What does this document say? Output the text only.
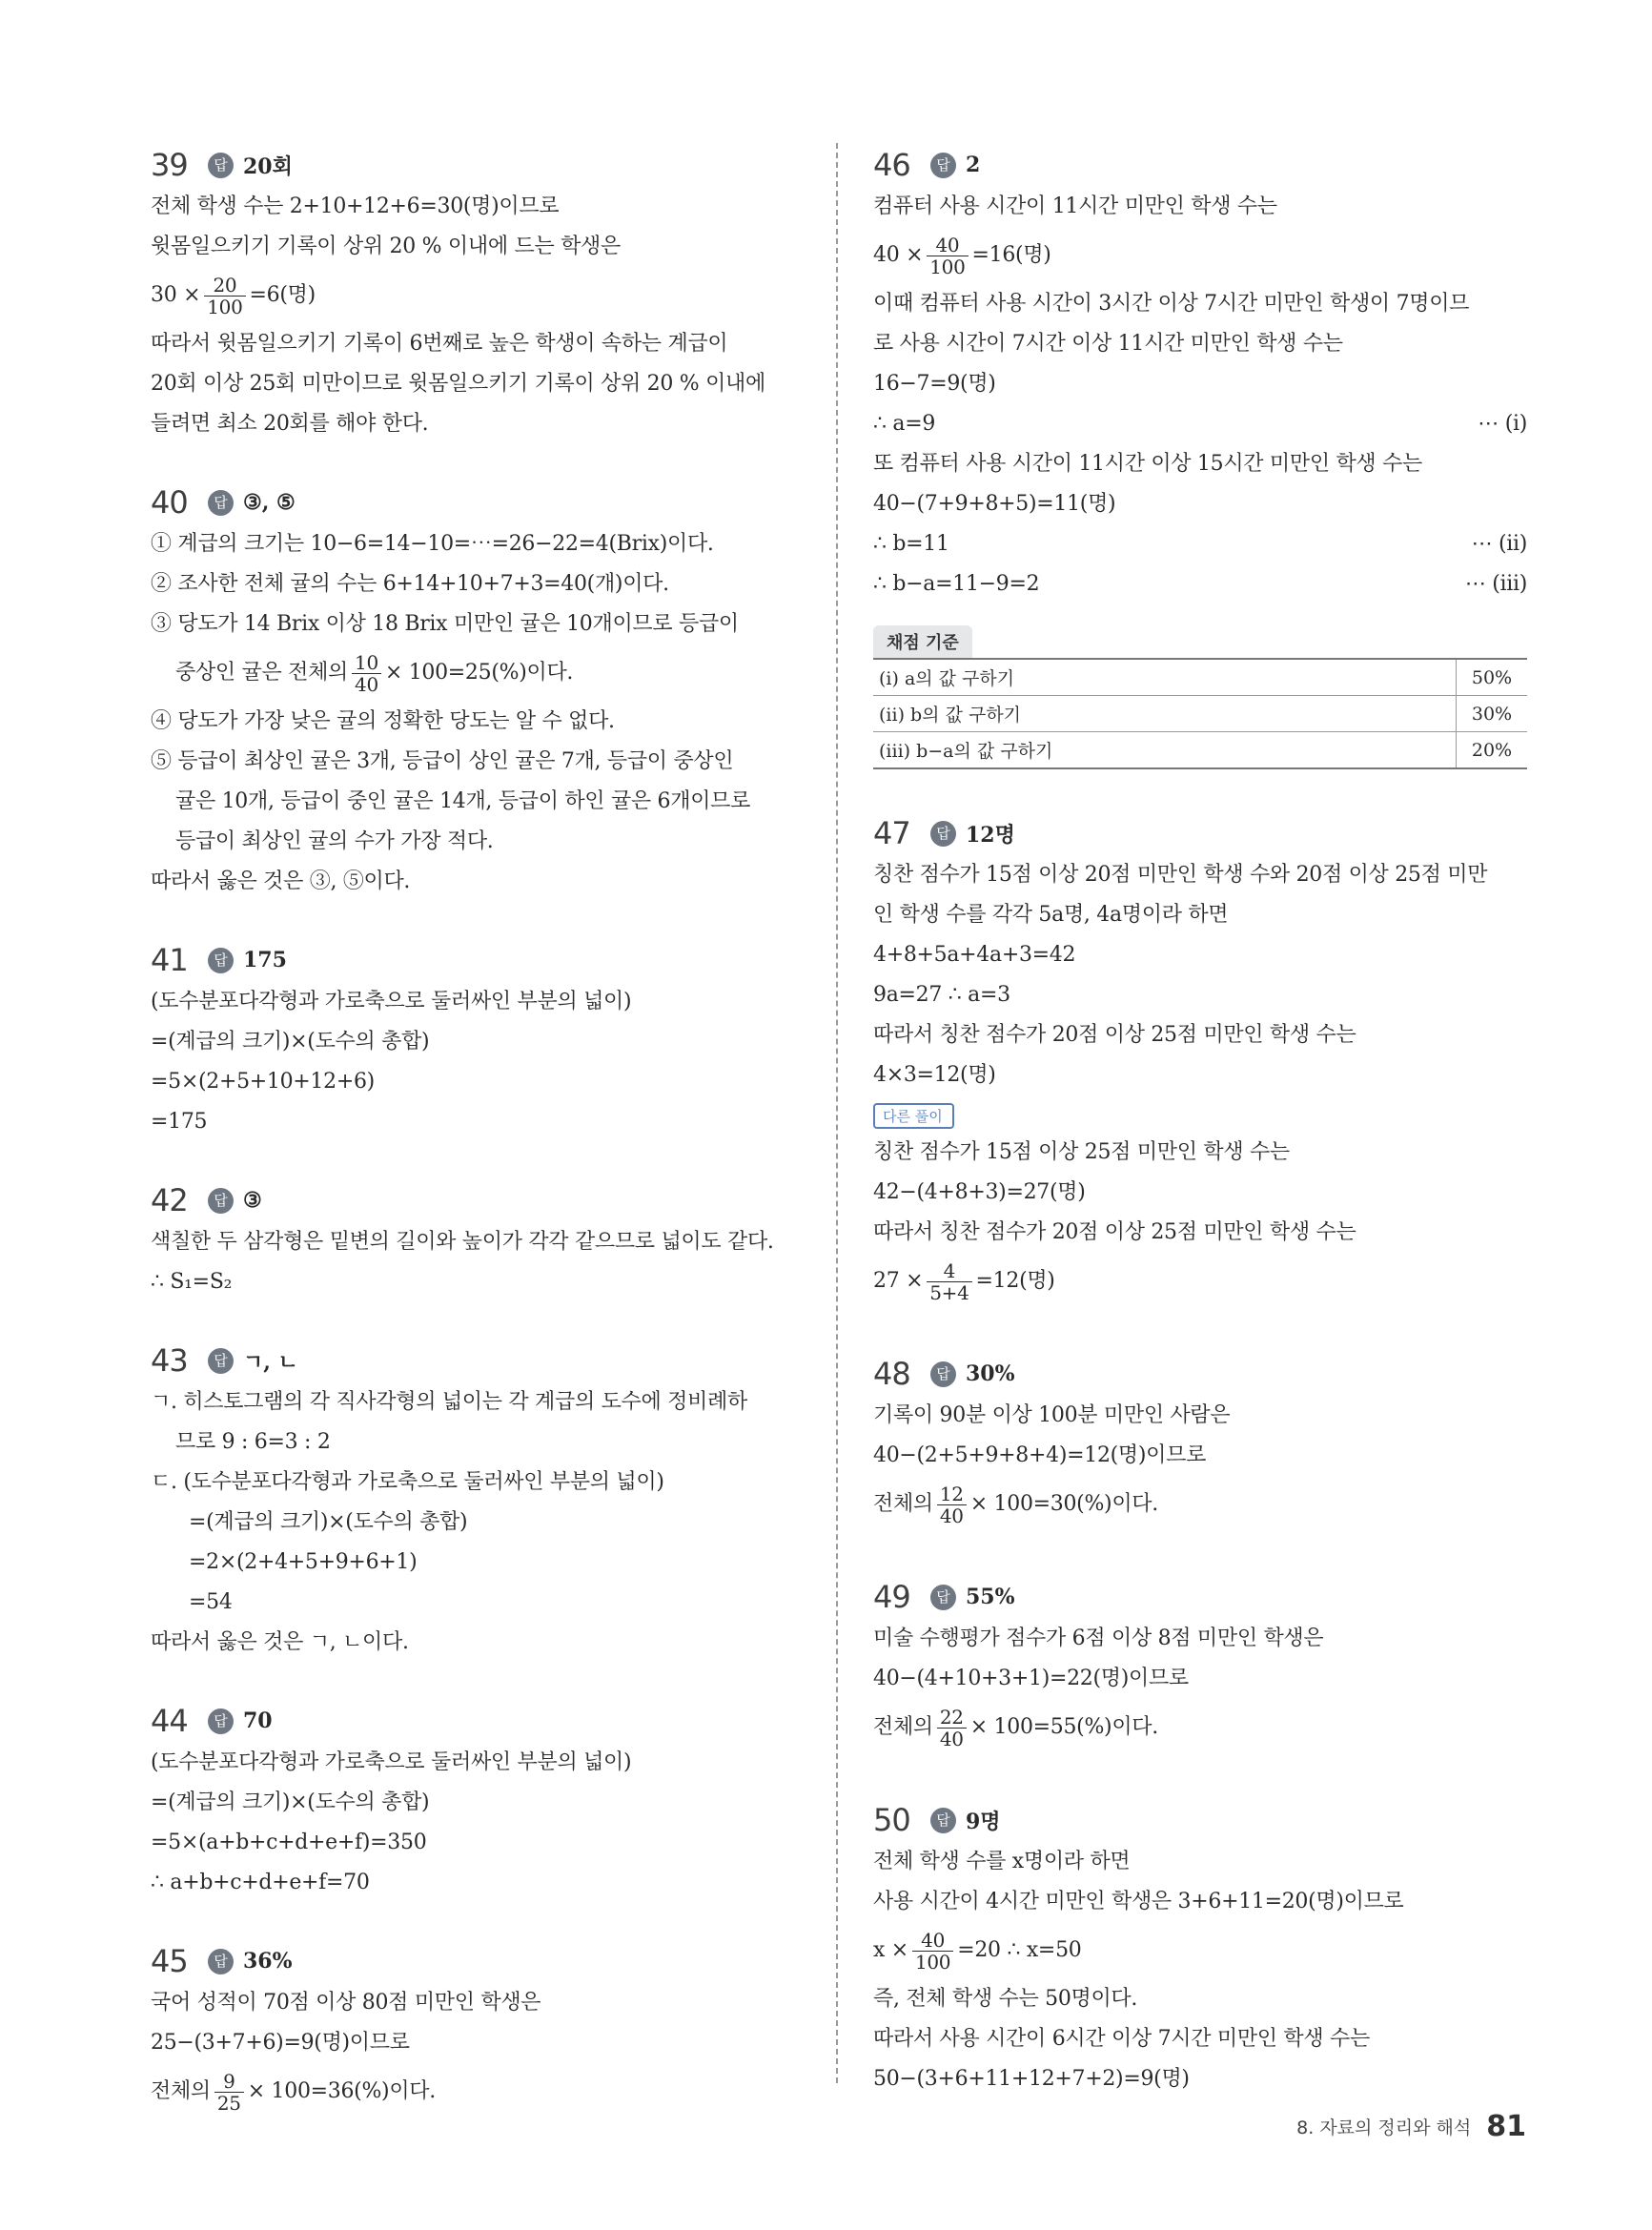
39	답 20회
전체 학생 수는 2+10+12+6=30(명)이므로
윗몸일으키기 기록이 상위 20 % 이내에 드는 학생은
$30 \times \frac{20}{100} =6$(명)
따라서 윗몸일으키기 기록이 6번째로 높은 학생이 속하는 계급이
20회 이상 25회 미만이므로 윗몸일으키기 기록이 상위 20 % 이내에
들려면 최소 20회를 해야 한다.
40	답 ③, ⑤
① 계급의 크기는 10−6=14−10=⋯=26−22=4(Brix)이다.
② 조사한 전체 귤의 수는 6+14+10+7+3=40(개)이다.
③ 당도가 14 Brix 이상 18 Brix 미만인 귤은 10개이므로 등급이
중상인 귤은 전체의 $\frac{10}{40} \times 100=25(\%)$이다.
④ 당도가 가장 낮은 귤의 정확한 당도는 알 수 없다.
⑤ 등급이 최상인 귤은 3개, 등급이 상인 귤은 7개, 등급이 중상인
귤은 10개, 등급이 중인 귤은 14개, 등급이 하인 귤은 6개이므로
등급이 최상인 귤의 수가 가장 적다.
따라서 옳은 것은 ③, ⑤이다.
41	답 175
(도수분포다각형과 가로축으로 둘러싸인 부분의 넓이)
=(계급의 크기)×(도수의 총합)
=5×(2+5+10+12+6)
=175
42	답 ③
색칠한 두 삼각형은 밑변의 길이와 높이가 각각 같으므로 넓이도 같다.
∴ S₁=S₂
43	답 ㄱ, ㄴ
ㄱ. 히스토그램의 각 직사각형의 넓이는 각 계급의 도수에 정비례하
므로 9 : 6=3 : 2
ㄷ. (도수분포다각형과 가로축으로 둘러싸인 부분의 넓이)
=(계급의 크기)×(도수의 총합)
=2×(2+4+5+9+6+1)
=54
따라서 옳은 것은 ㄱ, ㄴ이다.
44	답 70
(도수분포다각형과 가로축으로 둘러싸인 부분의 넓이)
=(계급의 크기)×(도수의 총합)
=5×(a+b+c+d+e+f)=350
∴ a+b+c+d+e+f=70
45	답 36%
국어 성적이 70점 이상 80점 미만인 학생은
25−(3+7+6)=9(명)이므로
전체의 $\frac{9}{25} \times 100=36(\%)$이다.
46	답 2
컴퓨터 사용 시간이 11시간 미만인 학생 수는
$40 \times \frac{40}{100} =16$(명)
이때 컴퓨터 사용 시간이 3시간 이상 7시간 미만인 학생이 7명이므
로 사용 시간이 7시간 이상 11시간 미만인 학생 수는
16−7=9(명)
∴ a=9	⋯ (i)
또 컴퓨터 사용 시간이 11시간 이상 15시간 미만인 학생 수는
40−(7+9+8+5)=11(명)
∴ b=11	⋯ (ii)
∴ b−a=11−9=2	⋯ (iii)
채점 기준
(i) a의 값 구하기	50%
(ii) b의 값 구하기	30%
(iii) b−a의 값 구하기	20%
47	답 12명
칭찬 점수가 15점 이상 20점 미만인 학생 수와 20점 이상 25점 미만
인 학생 수를 각각 5a명, 4a명이라 하면
4+8+5a+4a+3=42
9a=27 ∴ a=3
따라서 칭찬 점수가 20점 이상 25점 미만인 학생 수는
4×3=12(명)
다른 풀이
칭찬 점수가 15점 이상 25점 미만인 학생 수는
42−(4+8+3)=27(명)
따라서 칭찬 점수가 20점 이상 25점 미만인 학생 수는
$27 \times \frac{4}{5+4} =12$(명)
48	답 30%
기록이 90분 이상 100분 미만인 사람은
40−(2+5+9+8+4)=12(명)이므로
전체의 $\frac{12}{40} \times 100=30(\%)$이다.
49	답 55%
미술 수행평가 점수가 6점 이상 8점 미만인 학생은
40−(4+10+3+1)=22(명)이므로
전체의 $\frac{22}{40} \times 100=55(\%)$이다.
50	답 9명
전체 학생 수를 x명이라 하면
사용 시간이 4시간 미만인 학생은 3+6+11=20(명)이므로
$x \times \frac{40}{100} =20$ ∴ x=50
즉, 전체 학생 수는 50명이다.
따라서 사용 시간이 6시간 이상 7시간 미만인 학생 수는
50−(3+6+11+12+7+2)=9(명)
8. 자료의 정리와 해석 81
